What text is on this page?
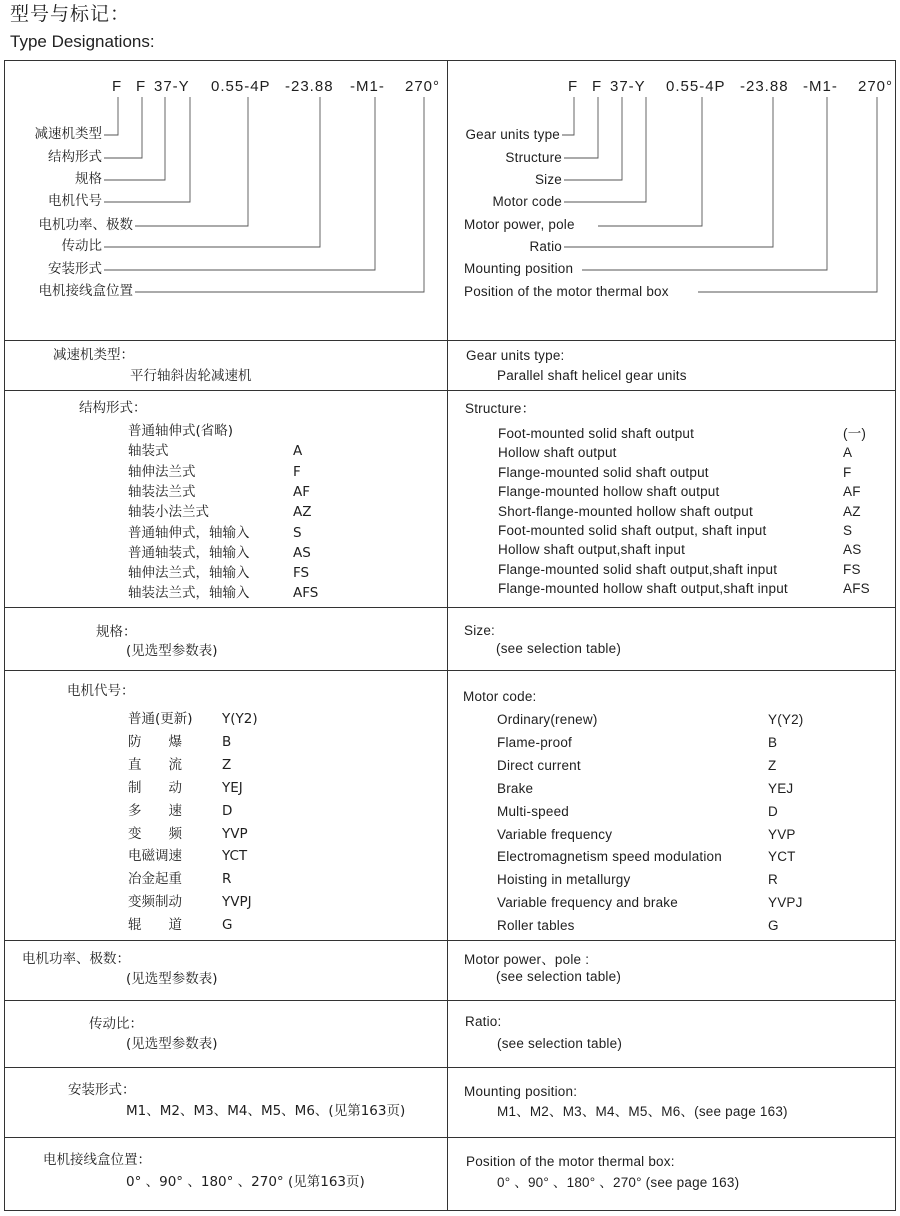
型号与标记：
Type Designations:
F F 37-Y 0.55-4P -23.88 -M1- 270°	F F 37-Y 0.55-4P -23.88 -M1- 270°
减速机类型
结构形式
规格
电机代号
电机功率、极数
传动比
安装形式
电机接线盒位置
Gear units type
Structure
Size
Motor code
Motor power, pole
Ratio
Mounting position
Position of the motor thermal box
减速机类型：
平行轴斜齿轮减速机
Gear units type:
Parallel shaft helicel gear units
结构形式：	Structure：
普通轴伸式(省略)
轴装式	A
轴伸法兰式	F
轴装法兰式	AF
轴装小法兰式	AZ
普通轴伸式，轴输入	S
普通轴装式，轴输入	AS
轴伸法兰式，轴输入	FS
轴装法兰式，轴输入	AFS
Foot-mounted solid shaft output	(一)
Hollow shaft output	A
Flange-mounted solid shaft output	F
Flange-mounted hollow shaft output	AF
Short-flange-mounted hollow shaft output	AZ
Foot-mounted solid shaft output, shaft input	S
Hollow shaft output,shaft input	AS
Flange-mounted solid shaft output,shaft input	FS
Flange-mounted hollow shaft output,shaft input	AFS
规格：
(见选型参数表)
Size:
(see selection table)
电机代号：	Motor code:
普通(更新) Y(Y2)
防　　爆	B
直　　流	Z
制　　动	YEJ
多　　速	D
变　　频	YVP
电磁调速	YCT
冶金起重	R
变频制动	YVPJ
辊　　道	G
Ordinary(renew)	Y(Y2)
Flame-proof	B
Direct current	Z
Brake	YEJ
Multi-speed	D
Variable frequency	YVP
Electromagnetism speed modulation	YCT
Hoisting in metallurgy	R
Variable frequency and brake	YVPJ
Roller tables	G
电机功率、极数：
(见选型参数表)
Motor power、pole :
(see selection table)
传动比：
(见选型参数表)
Ratio:
(see selection table)
安装形式：
M1、M2、M3、M4、M5、M6、(见第163页)
Mounting position:
M1、M2、M3、M4、M5、M6、(see page 163)
电机接线盒位置：
0° 、90° 、180° 、270° (见第163页)
Position of the motor thermal box:
0° 、90° 、180° 、270° (see page 163)
